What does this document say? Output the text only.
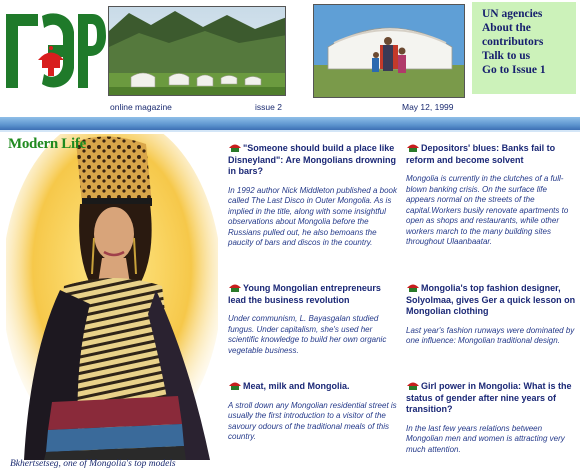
UN agencies
About the
contributors
Talk to us
Go to Issue 1
online magazine	issue 2	May 12, 1999
Modern Life
Bkhertsetseg, one of Mongolia's top models
"Someone should build a place like Disneyland": Are Mongolians drowning in bars?
In 1992 author Nick Middleton published a book called The Last Disco in Outer Mongolia. As is implied in the title, along with some insightful observations about Mongolia before the Russians pulled out, he also bemoans the paucity of bars and discos in the country.
Young Mongolian entrepreneurs lead the business revolution
Under communism, L. Bayasgalan studied fungus. Under capitalism, she's used her scientific knowledge to build her own organic vegetable business.
Meat, milk and Mongolia.
A stroll down any Mongolian residential street is usually the first introduction to a visitor of the savoury odours of the traditional meals of this country.
Depositors' blues: Banks fail to reform and become solvent
Mongolia is currently in the clutches of a full-blown banking crisis. On the surface life appears normal on the streets of the capital.Workers busily renovate apartments to open as shops and restaurants, while other workers march to the many building sites throughout Ulaanbaatar.
Mongolia's top fashion designer, Solyolmaa, gives Ger a quick lesson on Mongolian clothing
Last year's fashion runways were dominated by one influence: Mongolian traditional design.
Girl power in Mongolia: What is the status of gender after nine years of transition?
In the last few years relations between Mongolian men and women is attracting very much attention.
